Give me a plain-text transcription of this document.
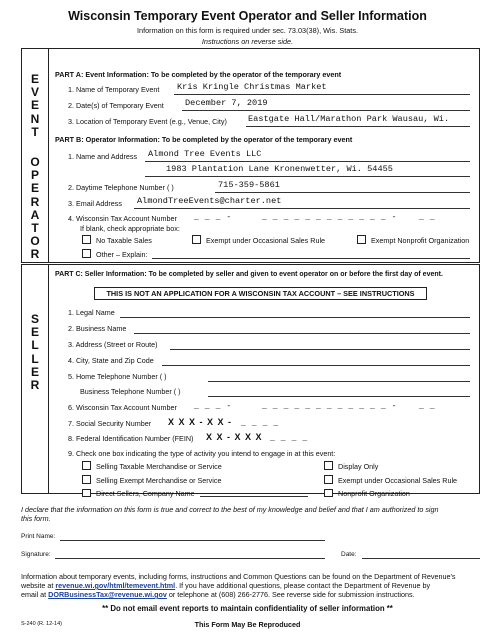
Wisconsin Temporary Event Operator and Seller Information
Information on this form is required under sec. 73.03(38), Wis. Stats.
Instructions on reverse side.
E
V
E
N
T
O
P
E
R
A
T
O
R
PART A: Event Information: To be completed by the operator of the temporary event
1. Name of Temporary Event Kris Kringle Christmas Market
2. Date(s) of Temporary Event December 7, 2019
3. Location of Temporary Event (e.g., Venue, City) Eastgate Hall/Marathon Park Wausau, Wi.
PART B: Operator Information: To be completed by the operator of the temporary event
1. Name and Address Almond Tree Events LLC
1983 Plantation Lane Kronenwetter, Wi. 54455
2. Daytime Telephone Number ( )	715-359-5861
3. Email Address AlmondTreeEvents@charter.net
4. Wisconsin Tax Account Number _ _ _ -	_ _ _ _ _ _ _ _ _ _ _ _ -	_ _
If blank, check appropriate box:
No Taxable Sales	Exempt under Occasional Sales Rule	Exempt Nonprofit Organization
Other – Explain:
S
E
L
L
E
R
PART C: Seller Information: To be completed by seller and given to event operator on or before the first day of event.
1. Legal Name
2. Business Name
3. Address (Street or Route)
4. City, State and Zip Code
5. Home Telephone Number ( )
Business Telephone Number ( )
6. Wisconsin Tax Account Number _ _ _ -	_ _ _ _ _ _ _ _ _ _ _ _ -	_ _
7. Social Security Number X X X - X X - _ _ _ _
8. Federal Identification Number (FEIN) X X - X X X _ _ _ _
9. Check one box indicating the type of activity you intend to engage in at this event:
Selling Taxable Merchandise or Service	Display Only
Selling Exempt Merchandise or Service	Exempt under Occasional Sales Rule
Direct Sellers, Company Name	Nonprofit Organization
THIS IS NOT AN APPLICATION FOR A WISCONSIN TAX ACCOUNT – SEE INSTRUCTIONS
I declare that the information on this form is true and correct to the best of my knowledge and belief and that I am authorized to sign
this form.
Print Name:
Signature:	Date:
Information about temporary events, including forms, instructions and Common Questions can be found on the Department of Revenue's
website at revenue.wi.gov/html/temevent.html. If you have additional questions, please contact the Department of Revenue by
email at DORBusinessTax@revenue.wi.gov or telephone at (608) 266-2776. See reverse side for submission instructions.
** Do not email event reports to maintain confidentiality of seller information **
S-240 (R. 12-14)	This Form May Be Reproduced
